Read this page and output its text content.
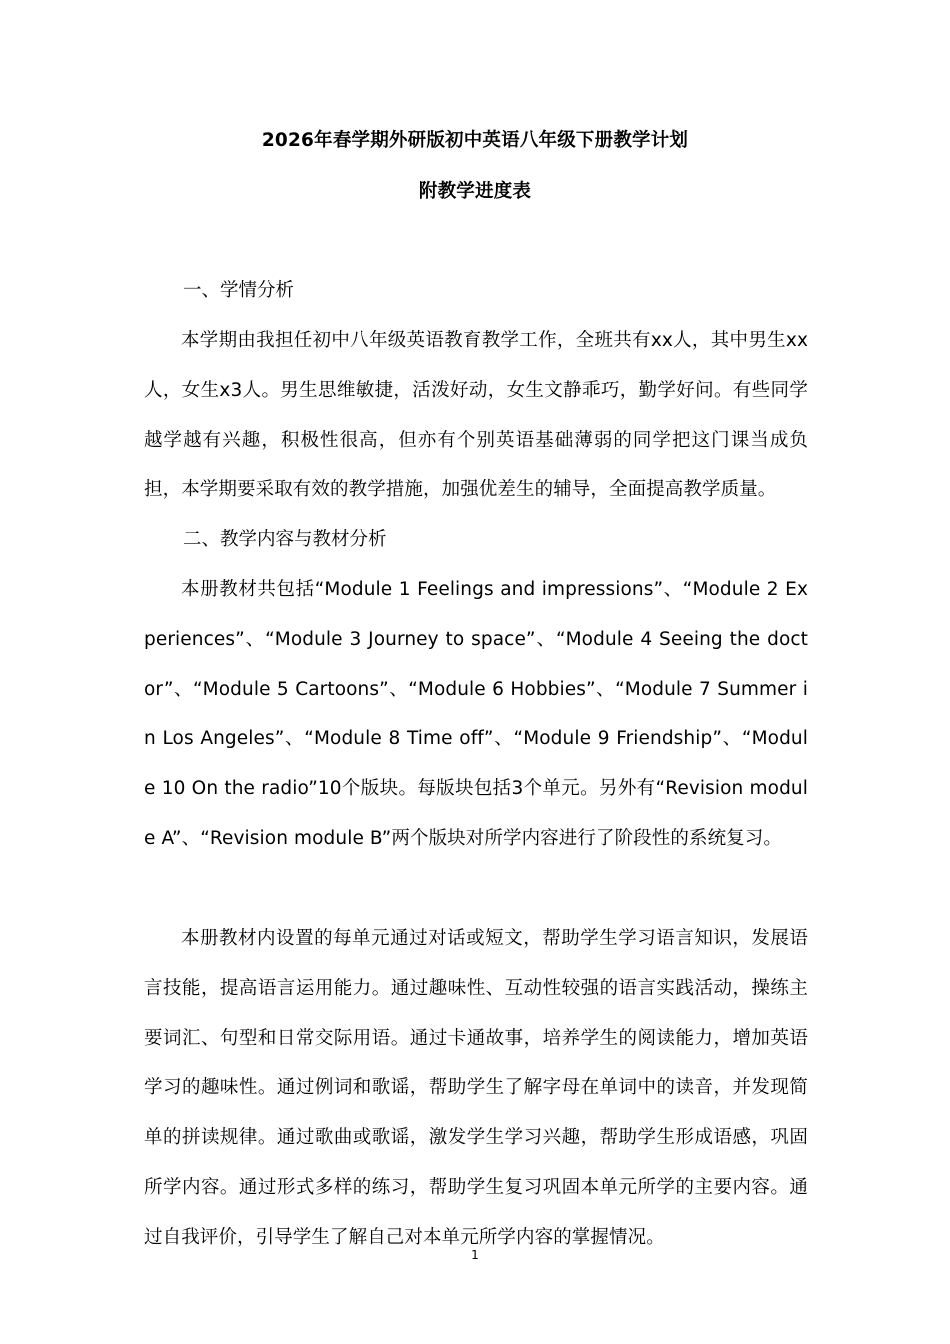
2026年春学期外研版初中英语八年级下册教学计划
附教学进度表
一、学情分析
本学期由我担任初中八年级英语教育教学工作，全班共有xx人，其中男生xx人，女生x3人。男生思维敏捷，活泼好动，女生文静乖巧，勤学好问。有些同学越学越有兴趣，积极性很高，但亦有个别英语基础薄弱的同学把这门课当成负担，本学期要采取有效的教学措施，加强优差生的辅导，全面提高教学质量。
二、教学内容与教材分析
本册教材共包括“Module 1 Feelings and impressions”、“Module 2 Experiences”、“Module 3 Journey to space”、“Module 4 Seeing the doctor”、“Module 5 Cartoons”、“Module 6 Hobbies”、“Module 7 Summer in Los Angeles”、“Module 8 Time off”、“Module 9 Friendship”、“Module 10 On the radio”10个版块。每版块包括3个单元。另外有“Revision module A”、“Revision module B”两个版块对所学内容进行了阶段性的系统复习。
本册教材内设置的每单元通过对话或短文，帮助学生学习语言知识，发展语言技能，提高语言运用能力。通过趣味性、互动性较强的语言实践活动，操练主要词汇、句型和日常交际用语。通过卡通故事，培养学生的阅读能力，增加英语学习的趣味性。通过例词和歌谣，帮助学生了解字母在单词中的读音，并发现简单的拼读规律。通过歌曲或歌谣，激发学生学习兴趣，帮助学生形成语感，巩固所学内容。通过形式多样的练习，帮助学生复习巩固本单元所学的主要内容。通过自我评价，引导学生了解自己对本单元所学内容的掌握情况。
1
